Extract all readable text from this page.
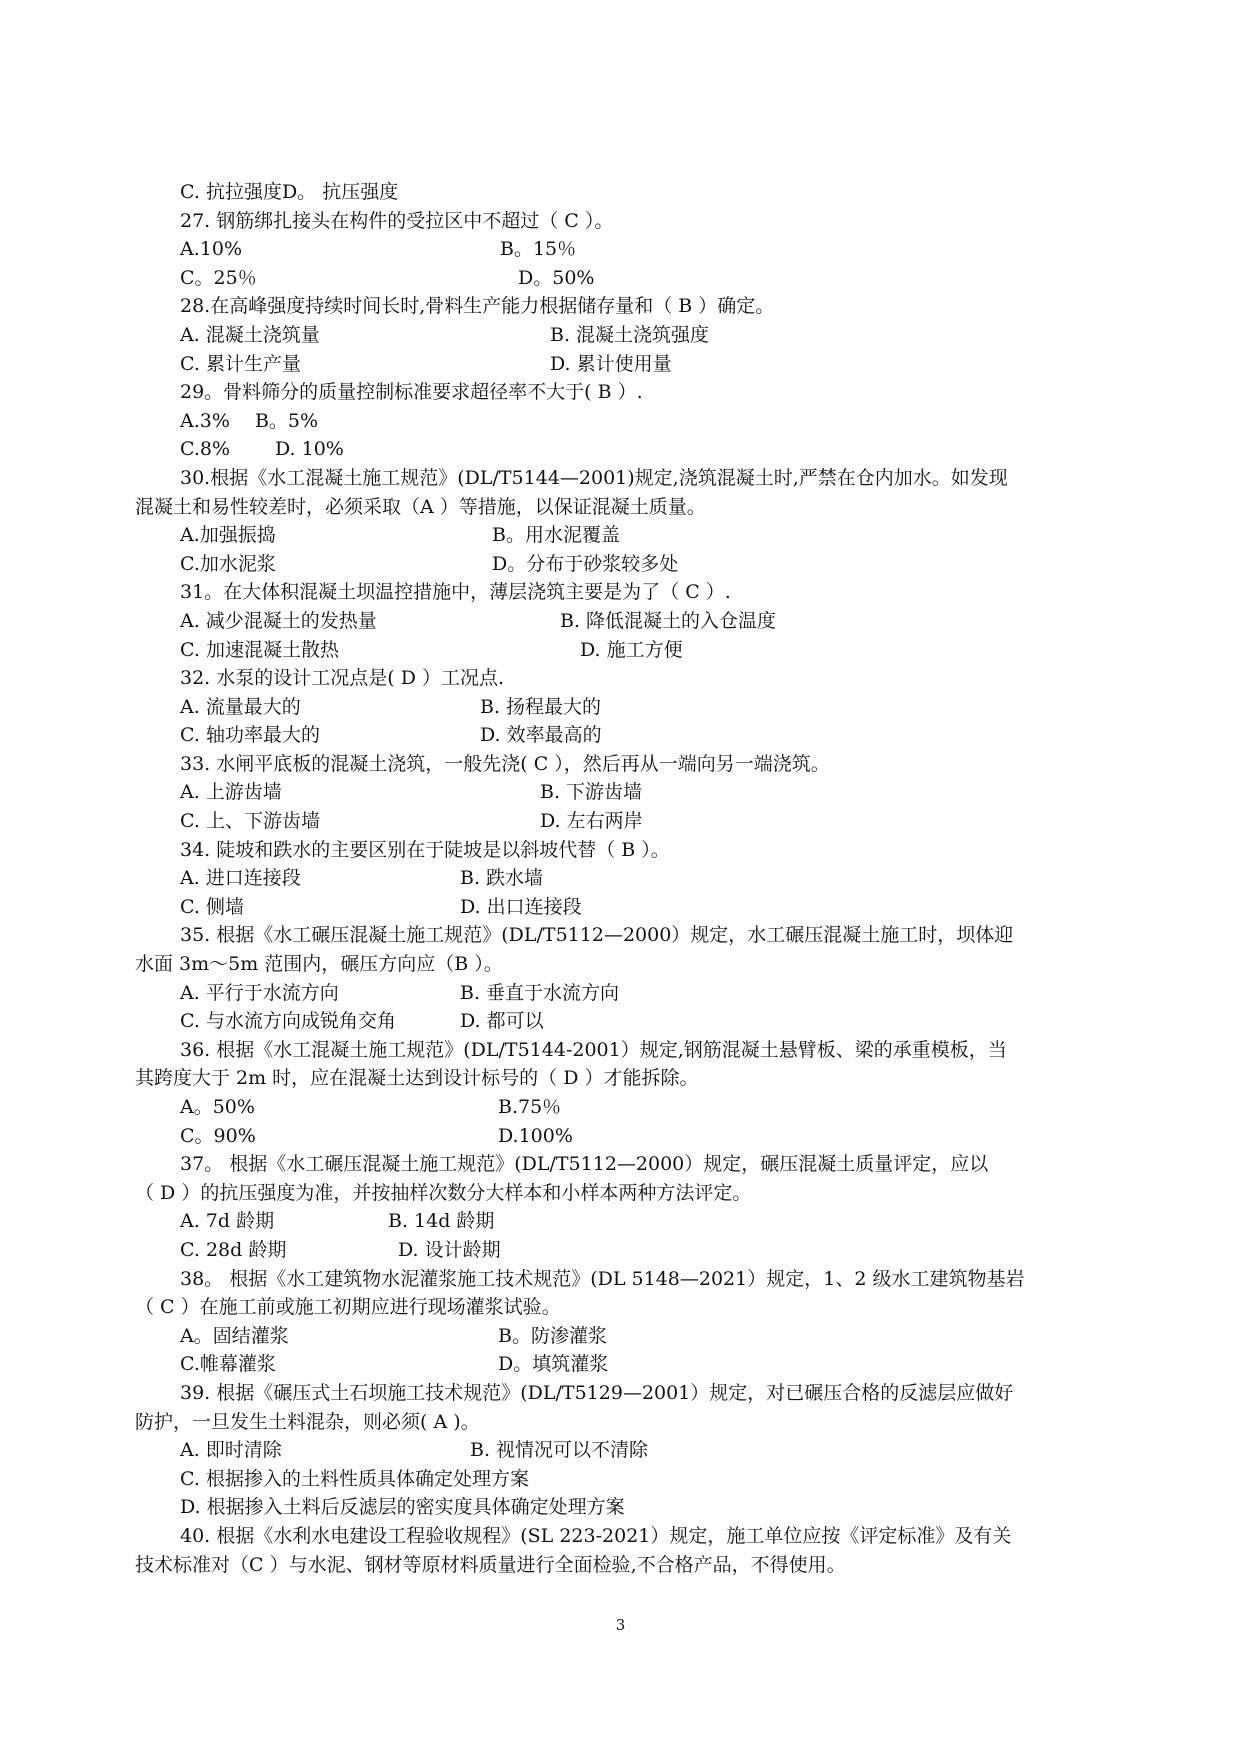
C. 抗拉强度D。 抗压强度
27. 钢筋绑扎接头在构件的受拉区中不超过（ C ）。
A.10%	B。15％
C。25％	D。50%
28.在高峰强度持续时间长时,骨料生产能力根据储存量和（ B ）确定。
A. 混凝土浇筑量	B. 混凝土浇筑强度
C. 累计生产量	D. 累计使用量
29。骨料筛分的质量控制标准要求超径率不大于( B ）.
A.3%　 B。5%
C.8% D. 10%
30.根据《水工混凝土施工规范》(DL/T5144—2001)规定,浇筑混凝土时,严禁在仓内加水。如发现
混凝土和易性较差时，必须采取（A ）等措施，以保证混凝土质量。
A.加强振捣	B。用水泥覆盖
C.加水泥浆	D。分布于砂浆较多处
31。在大体积混凝土坝温控措施中，薄层浇筑主要是为了（ C ）.
A. 减少混凝土的发热量	B. 降低混凝土的入仓温度
C. 加速混凝土散热	D. 施工方便
32. 水泵的设计工况点是( D ）工况点.
A. 流量最大的	B. 扬程最大的
C. 轴功率最大的	D. 效率最高的
33. 水闸平底板的混凝土浇筑，一般先浇( C ），然后再从一端向另一端浇筑。
A. 上游齿墙	B. 下游齿墙
C. 上、下游齿墙	D. 左右两岸
34. 陡坡和跌水的主要区别在于陡坡是以斜坡代替（ B ）。
A. 进口连接段	B. 跌水墙
C. 侧墙	D. 出口连接段
35. 根据《水工碾压混凝土施工规范》(DL/T5112—2000）规定，水工碾压混凝土施工时，坝体迎
水面 3m～5m 范围内，碾压方向应（B ）。
A. 平行于水流方向	B. 垂直于水流方向
C. 与水流方向成锐角交角	D. 都可以
36. 根据《水工混凝土施工规范》(DL/T5144-2001）规定,钢筋混凝土悬臂板、梁的承重模板，当
其跨度大于 2m 时，应在混凝土达到设计标号的（ D ）才能拆除。
A。50%	B.75％
C。90%	D.100%
37。 根据《水工碾压混凝土施工规范》(DL/T5112—2000）规定，碾压混凝土质量评定，应以
（ D ）的抗压强度为准，并按抽样次数分大样本和小样本两种方法评定。
A. 7d 龄期	B. 14d 龄期
C. 28d 龄期	D. 设计龄期
38。 根据《水工建筑物水泥灌浆施工技术规范》(DL 5148—2021）规定，1、2 级水工建筑物基岩
（ C ）在施工前或施工初期应进行现场灌浆试验。
A。固结灌浆	B。防渗灌浆
C.帷幕灌浆	D。填筑灌浆
39. 根据《碾压式土石坝施工技术规范》(DL/T5129—2001）规定，对已碾压合格的反滤层应做好
防护，一旦发生土料混杂，则必须( A )。
A. 即时清除	B. 视情况可以不清除
C. 根据掺入的土料性质具体确定处理方案
D. 根据掺入土料后反滤层的密实度具体确定处理方案
40. 根据《水利水电建设工程验收规程》(SL 223-2021）规定，施工单位应按《评定标准》及有关
技术标准对（C ）与水泥、钢材等原材料质量进行全面检验,不合格产品，不得使用。
3
